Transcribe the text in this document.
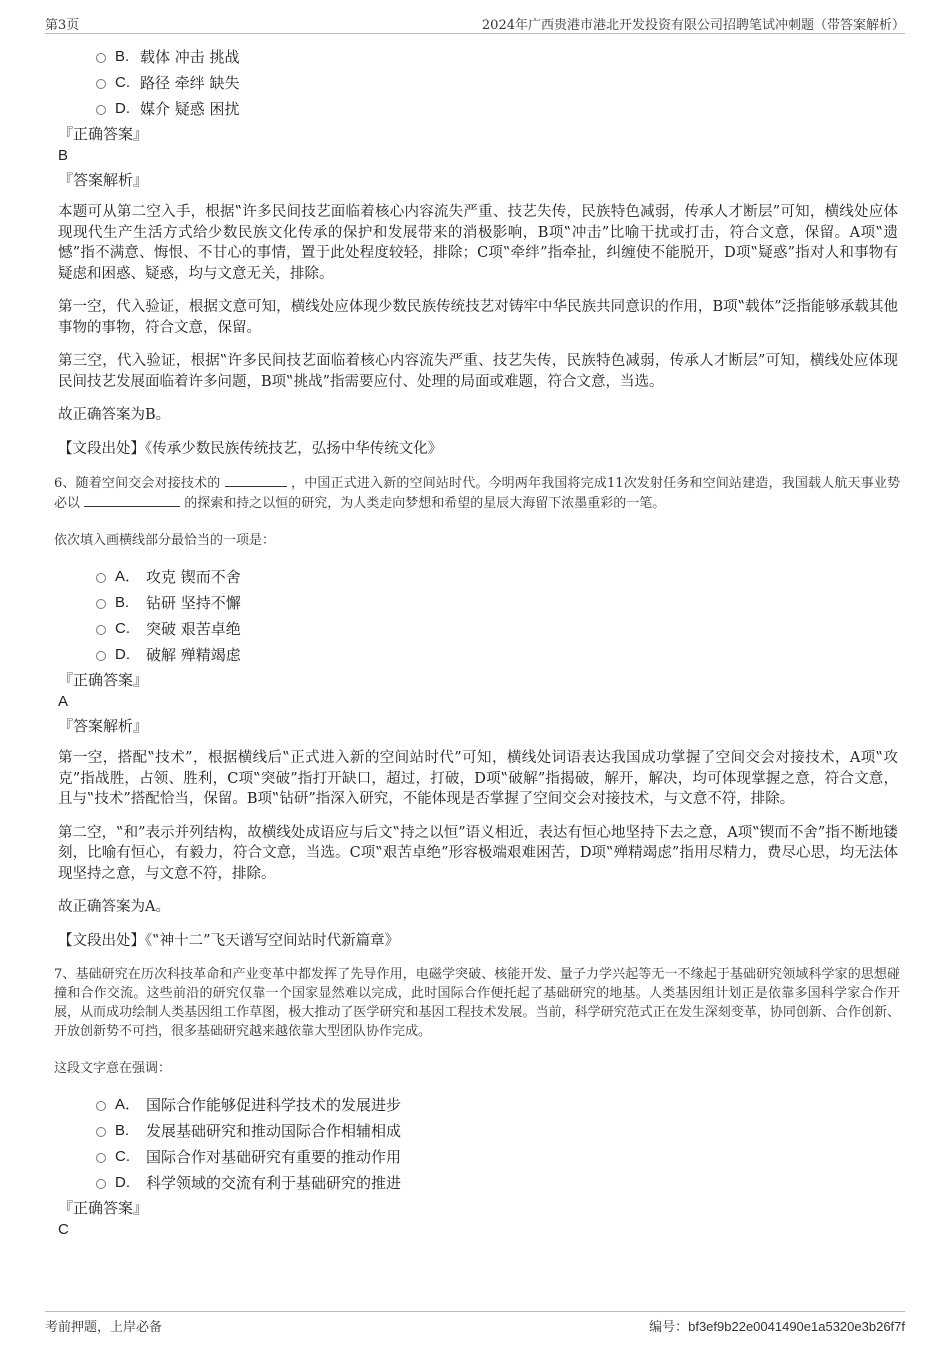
第3页	2024年广西贵港市港北开发投资有限公司招聘笔试冲刺题（带答案解析）
B. 载体 冲击 挑战
C. 路径 牵绊 缺失
D. 媒介 疑惑 困扰
『正确答案』
B
『答案解析』
本题可从第二空入手，根据‟许多民间技艺面临着核心内容流失严重、技艺失传，民族特色减弱，传承人才断层”可知，横线处应体现现代生产生活方式给少数民族文化传承的保护和发展带来的消极影响，B项‟冲击”比喻干扰或打击，符合文意，保留。A项‟遗憾”指不满意、悔恨、不甘心的事情，置于此处程度较轻，排除；C项‟牵绊”指牵扯，纠缠使不能脱开，D项‟疑惑”指对人和事物有疑虑和困惑、疑惑，均与文意无关，排除。
第一空，代入验证，根据文意可知，横线处应体现少数民族传统技艺对铸牢中华民族共同意识的作用，B项‟载体”泛指能够承载其他事物的事物，符合文意，保留。
第三空，代入验证，根据‟许多民间技艺面临着核心内容流失严重、技艺失传，民族特色减弱，传承人才断层”可知，横线处应体现民间技艺发展面临着许多问题，B项‟挑战”指需要应付、处理的局面或难题，符合文意，当选。
故正确答案为B。
【文段出处】《传承少数民族传统技艺，弘扬中华传统文化》
6、随着空间交会对接技术的	，中国正式进入新的空间站时代。今明两年我国将完成11次发射任务和空间站建造，我国载人航天事业势必以	的探索和持之以恒的研究，为人类走向梦想和希望的星辰大海留下浓墨重彩的一笔。
依次填入画横线部分最恰当的一项是：
A． 攻克 锲而不舍
B. 钻研 坚持不懈
C. 突破 艰苦卓绝
D. 破解 殚精竭虑
『正确答案』
A
『答案解析』
第一空，搭配‟技术”，根据横线后‟正式进入新的空间站时代”可知，横线处词语表达我国成功掌握了空间交会对接技术，A项‟攻克”指战胜，占领、胜利，C项‟突破”指打开缺口，超过，打破，D项‟破解”指揭破，解开，解决，均可体现掌握之意，符合文意，且与‟技术”搭配恰当，保留。B项‟钻研”指深入研究，不能体现是否掌握了空间交会对接技术，与文意不符，排除。
第二空，‟和”表示并列结构，故横线处成语应与后文‟持之以恒”语义相近，表达有恒心地坚持下去之意，A项‟锲而不舍”指不断地镂刻，比喻有恒心，有毅力，符合文意，当选。C项‟艰苦卓绝”形容极端艰难困苦，D项‟殚精竭虑”指用尽精力，费尽心思，均无法体现坚持之意，与文意不符，排除。
故正确答案为A。
【文段出处】《‟神十二”飞天谱写空间站时代新篇章》
7、基础研究在历次科技革命和产业变革中都发挥了先导作用，电磁学突破、核能开发、量子力学兴起等无一不缘起于基础研究领域科学家的思想碰撞和合作交流。这些前沿的研究仅靠一个国家显然难以完成，此时国际合作便托起了基础研究的地基。人类基因组计划正是依靠多国科学家合作开展，从而成功绘制人类基因组工作草图，极大推动了医学研究和基因工程技术发展。当前，科学研究范式正在发生深刻变革，协同创新、合作创新、开放创新势不可挡，很多基础研究越来越依靠大型团队协作完成。
这段文字意在强调：
A． 国际合作能够促进科学技术的发展进步
B. 发展基础研究和推动国际合作相辅相成
C. 国际合作对基础研究有重要的推动作用
D. 科学领域的交流有利于基础研究的推进
『正确答案』
C
考前押题，上岸必备	编号：bf3ef9b22e0041490e1a5320e3b26f7f
